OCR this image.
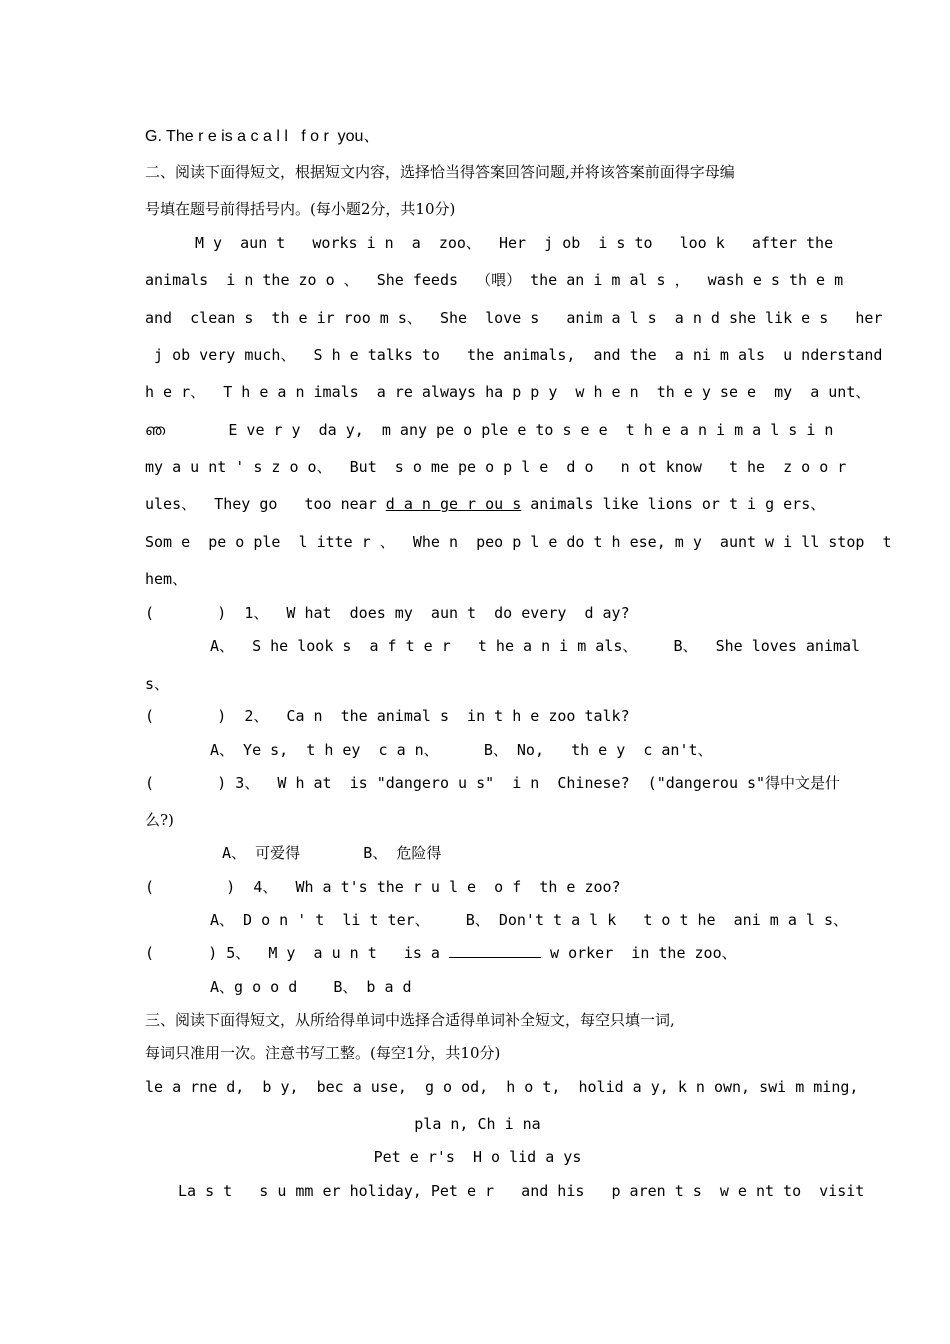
G. The r e is a c a l l   f o r  you、
二、阅读下面得短文，根据短文内容，选择恰当得答案回答问题,并将该答案前面得字母编
号填在题号前得括号内。(每小题2分，共10分)
M y  aun t   works i n  a  zoo、  Her  j ob  i s to   loo k   after the
animals  i n the zo o 、  She feeds  （喂） the an i m al s ，  wash e s th e m
and  clean s  th e ir roo m s、  She  love s   anim a l s  a n d she lik e s   her
j ob very much、  S h e talks to   the animals,  and the  a ni m als  u nderstand
h e r、  T h e a n imals  a re always ha p p y  w h e n  th e y se e  my  a unt、
ഞ       E ve r y  da y,  m any pe o ple e to s e e  t h e a n i m a l s i n
my a u nt ' s z o o、  But  s o me pe o p l e  d o   n ot know   t he  z o o r
ules、  They go   too near d a n ge r ou s animals like lions or t i g ers、
Som e  pe o ple  l itte r 、  Whe n  peo p l e do t h ese, m y  aunt w i ll stop  t
hem、
(       )  1、  W hat  does my  aun t  do every  d ay?
A、  S he look s  a f t e r   t he a n i m als、    B、  She loves animal
s、
(       )  2、  Ca n  the animal s  in t h e zoo talk?
A、 Ye s,  t h ey  c a n、     B、 No,   th e y  c an't、
(       ) 3、  W h at  is "dangero u s"  i n  Chinese?  ("dangerou s"得中文是什
么?)
A、 可爱得       B、 危险得
(        )  4、  Wh a t's the r u l e  o f  th e zoo?
A、 D o n ' t  li t ter、    B、 Don't t a l k   t o t he  ani m a l s、
(      ) 5、  M y  a u n t   is a	w orker  in the zoo、
A、g o o d    B、 b a d
三、阅读下面得短文，从所给得单词中选择合适得单词补全短文，每空只填一词,
每词只准用一次。注意书写工整。(每空1分，共10分)
le a rne d,  b y,  bec a use,  g o od,  h o t,  holid a y, k n own, swi m ming,
pla n, Ch i na
Pet e r's  H o lid a ys
La s t   s u mm er holiday, Pet e r   and his   p aren t s  w e nt to  visit
